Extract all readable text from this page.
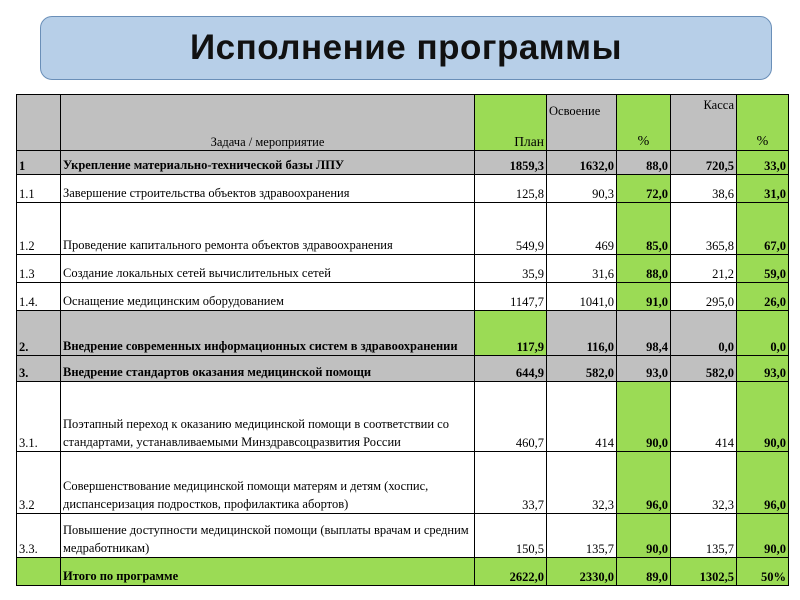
Исполнение программы
	Задача / мероприятие	План	Освоение	%	Касса	%
1	Укрепление материально-технической базы ЛПУ	1859,3	1632,0	88,0	720,5	33,0
1.1	Завершение строительства объектов здравоохранения	125,8	90,3	72,0	38,6	31,0
1.2	Проведение капитального ремонта объектов здравоохранения	549,9	469	85,0	365,8	67,0
1.3	Создание локальных сетей вычислительных сетей	35,9	31,6	88,0	21,2	59,0
1.4.	Оснащение медицинским оборудованием	1147,7	1041,0	91,0	295,0	26,0
2.	Внедрение современных информационных систем в здравоохранении	117,9	116,0	98,4	0,0	0,0
3.	Внедрение стандартов оказания медицинской помощи	644,9	582,0	93,0	582,0	93,0
3.1.	Поэтапный переход к оказанию медицинской помощи в соответствии со стандартами, устанавливаемыми Минздравсоцразвития России	460,7	414	90,0	414	90,0
3.2	Совершенствование медицинской помощи матерям и детям (хоспис, диспансеризация подростков, профилактика абортов)	33,7	32,3	96,0	32,3	96,0
3.3.	Повышение доступности медицинской помощи (выплаты врачам и средним медработникам)	150,5	135,7	90,0	135,7	90,0
	Итого по программе	2622,0	2330,0	89,0	1302,5	50%
